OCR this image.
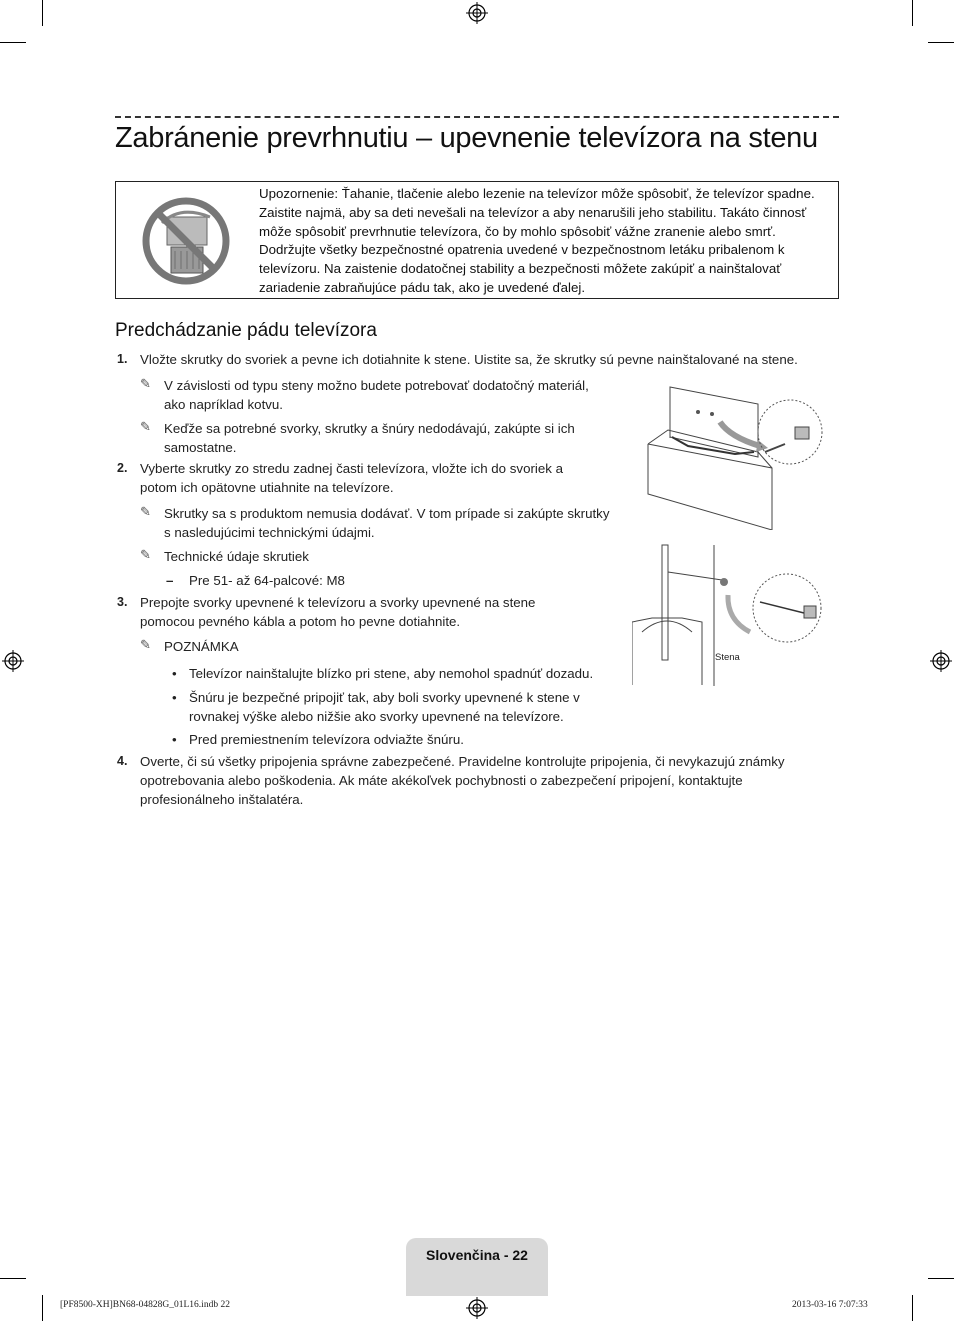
Zabránenie prevrhnutiu – upevnenie televízora na stenu
Upozornenie: Ťahanie, tlačenie alebo lezenie na televízor môže spôsobiť, že televízor spadne. Zaistite najmä, aby sa deti nevešali na televízor a aby nenarušili jeho stabilitu. Takáto činnosť môže spôsobiť prevrhnutie televízora, čo by mohlo spôsobiť vážne zranenie alebo smrť. Dodržujte všetky bezpečnostné opatrenia uvedené v bezpečnostnom letáku pribalenom k televízoru. Na zaistenie dodatočnej stability a bezpečnosti môžete zakúpiť a nainštalovať zariadenie zabraňujúce pádu tak, ako je uvedené ďalej.
Predchádzanie pádu televízora
1. Vložte skrutky do svoriek a pevne ich dotiahnite k stene. Uistite sa, že skrutky sú pevne nainštalované na stene.
✎ V závislosti od typu steny možno budete potrebovať dodatočný materiál, ako napríklad kotvu.
✎ Keďže sa potrebné svorky, skrutky a šnúry nedodávajú, zakúpte si ich samostatne.
2. Vyberte skrutky zo stredu zadnej časti televízora, vložte ich do svoriek a potom ich opätovne utiahnite na televízore.
✎ Skrutky sa s produktom nemusia dodávať. V tom prípade si zakúpte skrutky s nasledujúcimi technickými údajmi.
✎ Technické údaje skrutiek
– Pre 51- až 64-palcové: M8
3. Prepojte svorky upevnené k televízoru a svorky upevnené na stene pomocou pevného kábla a potom ho pevne dotiahnite.
✎ POZNÁMKA
• Televízor nainštalujte blízko pri stene, aby nemohol spadnúť dozadu.
• Šnúru je bezpečné pripojiť tak, aby boli svorky upevnené k stene v rovnakej výške alebo nižšie ako svorky upevnené na televízore.
• Pred premiestnením televízora odviažte šnúru.
4. Overte, či sú všetky pripojenia správne zabezpečené. Pravidelne kontrolujte pripojenia, či nevykazujú známky opotrebovania alebo poškodenia. Ak máte akékoľvek pochybnosti o zabezpečení pripojení, kontaktujte profesionálneho inštalatéra.
Stena
Slovenčina - 22
[PF8500-XH]BN68-04828G_01L16.indb 22	2013-03-16 7:07:33
